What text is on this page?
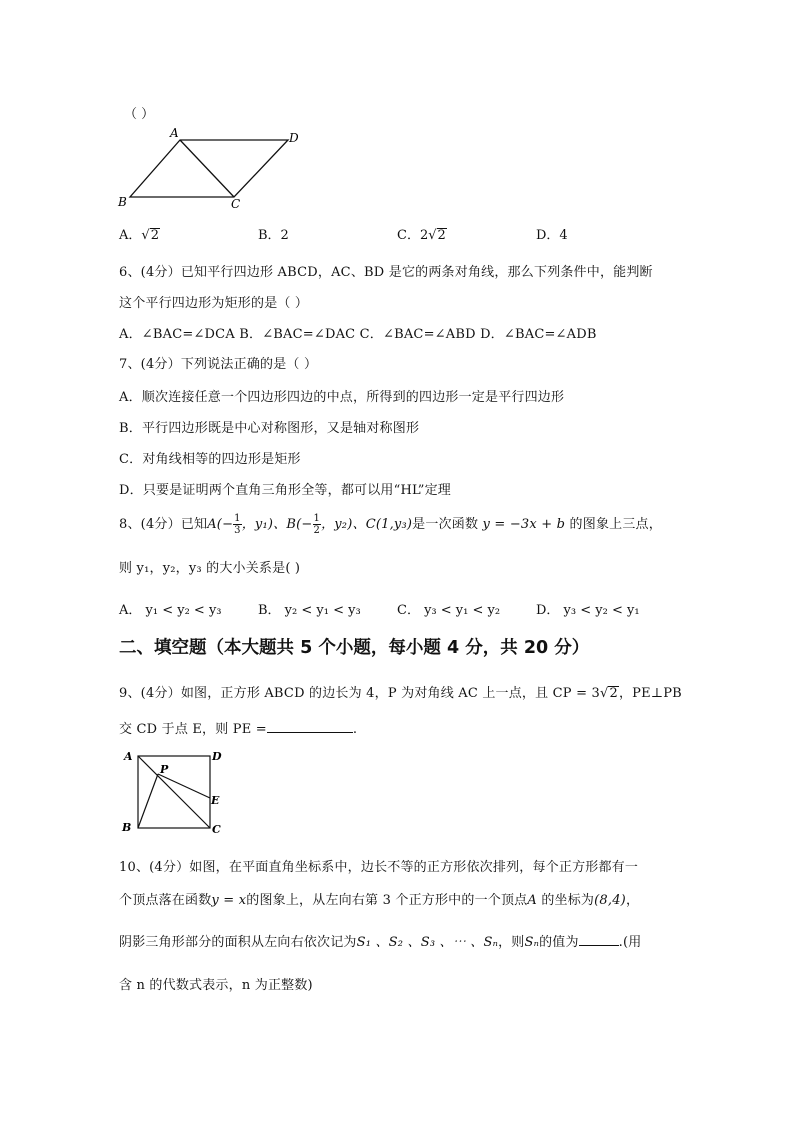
（ ）
A	D
B	C
A．√2	B．2	C．2√2	D．4
6、(4分）已知平行四边形 ABCD，AC、BD 是它的两条对角线，那么下列条件中，能判断
这个平行四边形为矩形的是（ ）
A．∠BAC=∠DCA B．∠BAC=∠DAC C．∠BAC=∠ABD D．∠BAC=∠ADB
7、(4分）下列说法正确的是（ ）
A．顺次连接任意一个四边形四边的中点，所得到的四边形一定是平行四边形
B．平行四边形既是中心对称图形，又是轴对称图形
C．对角线相等的四边形是矩形
D．只要是证明两个直角三角形全等，都可以用“HL”定理
8、(4分）已知$A(- \frac{1}{3}$ ，y₁)、$B(- \frac{1}{2}$ ，y₂)、C(1,y₃)是一次函数 y = −3x + b 的图象上三点，
则 y₁，y₂，y₃ 的大小关系是( )
A． y₁ < y₂ < y₃	B． y₂ < y₁ < y₃	C． y₃ < y₁ < y₂	D． y₃ < y₂ < y₁
二、填空题（本大题共 5 个小题，每小题 4 分，共 20 分）
9、(4分）如图，正方形 ABCD 的边长为 4，P 为对角线 AC 上一点，且 CP = 3√2，PE⊥PB
交 CD 于点 E，则 PE =	.
A	D
B	C
E
P
10、(4分）如图，在平面直角坐标系中，边长不等的正方形依次排列，每个正方形都有一
个顶点落在函数y = x的图象上，从左向右第 3 个正方形中的一个顶点A 的坐标为(8,4)，
阴影三角形部分的面积从左向右依次记为S₁ 、S₂ 、S₃ 、⋯ 、Sₙ，则Sₙ的值为	.(用
含 n 的代数式表示，n 为正整数)
